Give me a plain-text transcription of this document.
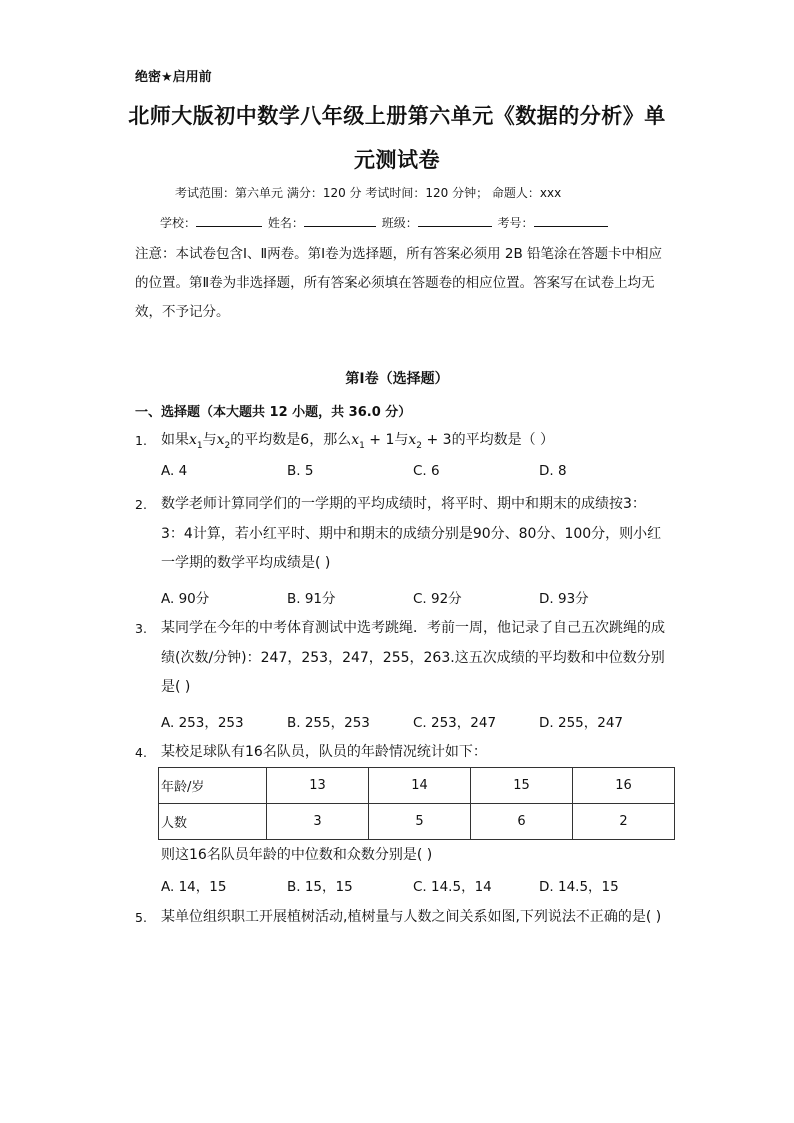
绝密★启用前
北师大版初中数学八年级上册第六单元《数据的分析》单
元测试卷
考试范围：第六单元 满分：120 分 考试时间：120 分钟； 命题人：xxx
学校：	姓名：	班级：	考号：
注意：本试卷包含Ⅰ、Ⅱ两卷。第Ⅰ卷为选择题，所有答案必须用 2B 铅笔涂在答题卡中相应的位置。第Ⅱ卷为非选择题，所有答案必须填在答题卷的相应位置。答案写在试卷上均无效，不予记分。
第Ⅰ卷（选择题）
一、选择题（本大题共 12 小题，共 36.0 分）
1. 如果$x_1$与$x_2$的平均数是6，那么$x_1 + 1$与$x_2 + 3$的平均数是（ ）
A. 4	B. 5	C. 6	D. 8
2. 数学老师计算同学们的一学期的平均成绩时，将平时、期中和期末的成绩按3：3：4计算，若小红平时、期中和期末的成绩分别是90分、80分、100分，则小红一学期的数学平均成绩是( )
A. 90分	B. 91分	C. 92分	D. 93分
3. 某同学在今年的中考体育测试中选考跳绳．考前一周，他记录了自己五次跳绳的成绩(次数/分钟)：247，253，247，255，263.这五次成绩的平均数和中位数分别是( )
A. 253，253	B. 255，253	C. 253，247	D. 255，247
4. 某校足球队有16名队员，队员的年龄情况统计如下：
年龄/岁	13	14	15	16
人数	3	5	6	2
则这16名队员年龄的中位数和众数分别是( )
A. 14，15	B. 15，15	C. 14.5，14	D. 14.5，15
5. 某单位组织职工开展植树活动,植树量与人数之间关系如图,下列说法不正确的是( )
